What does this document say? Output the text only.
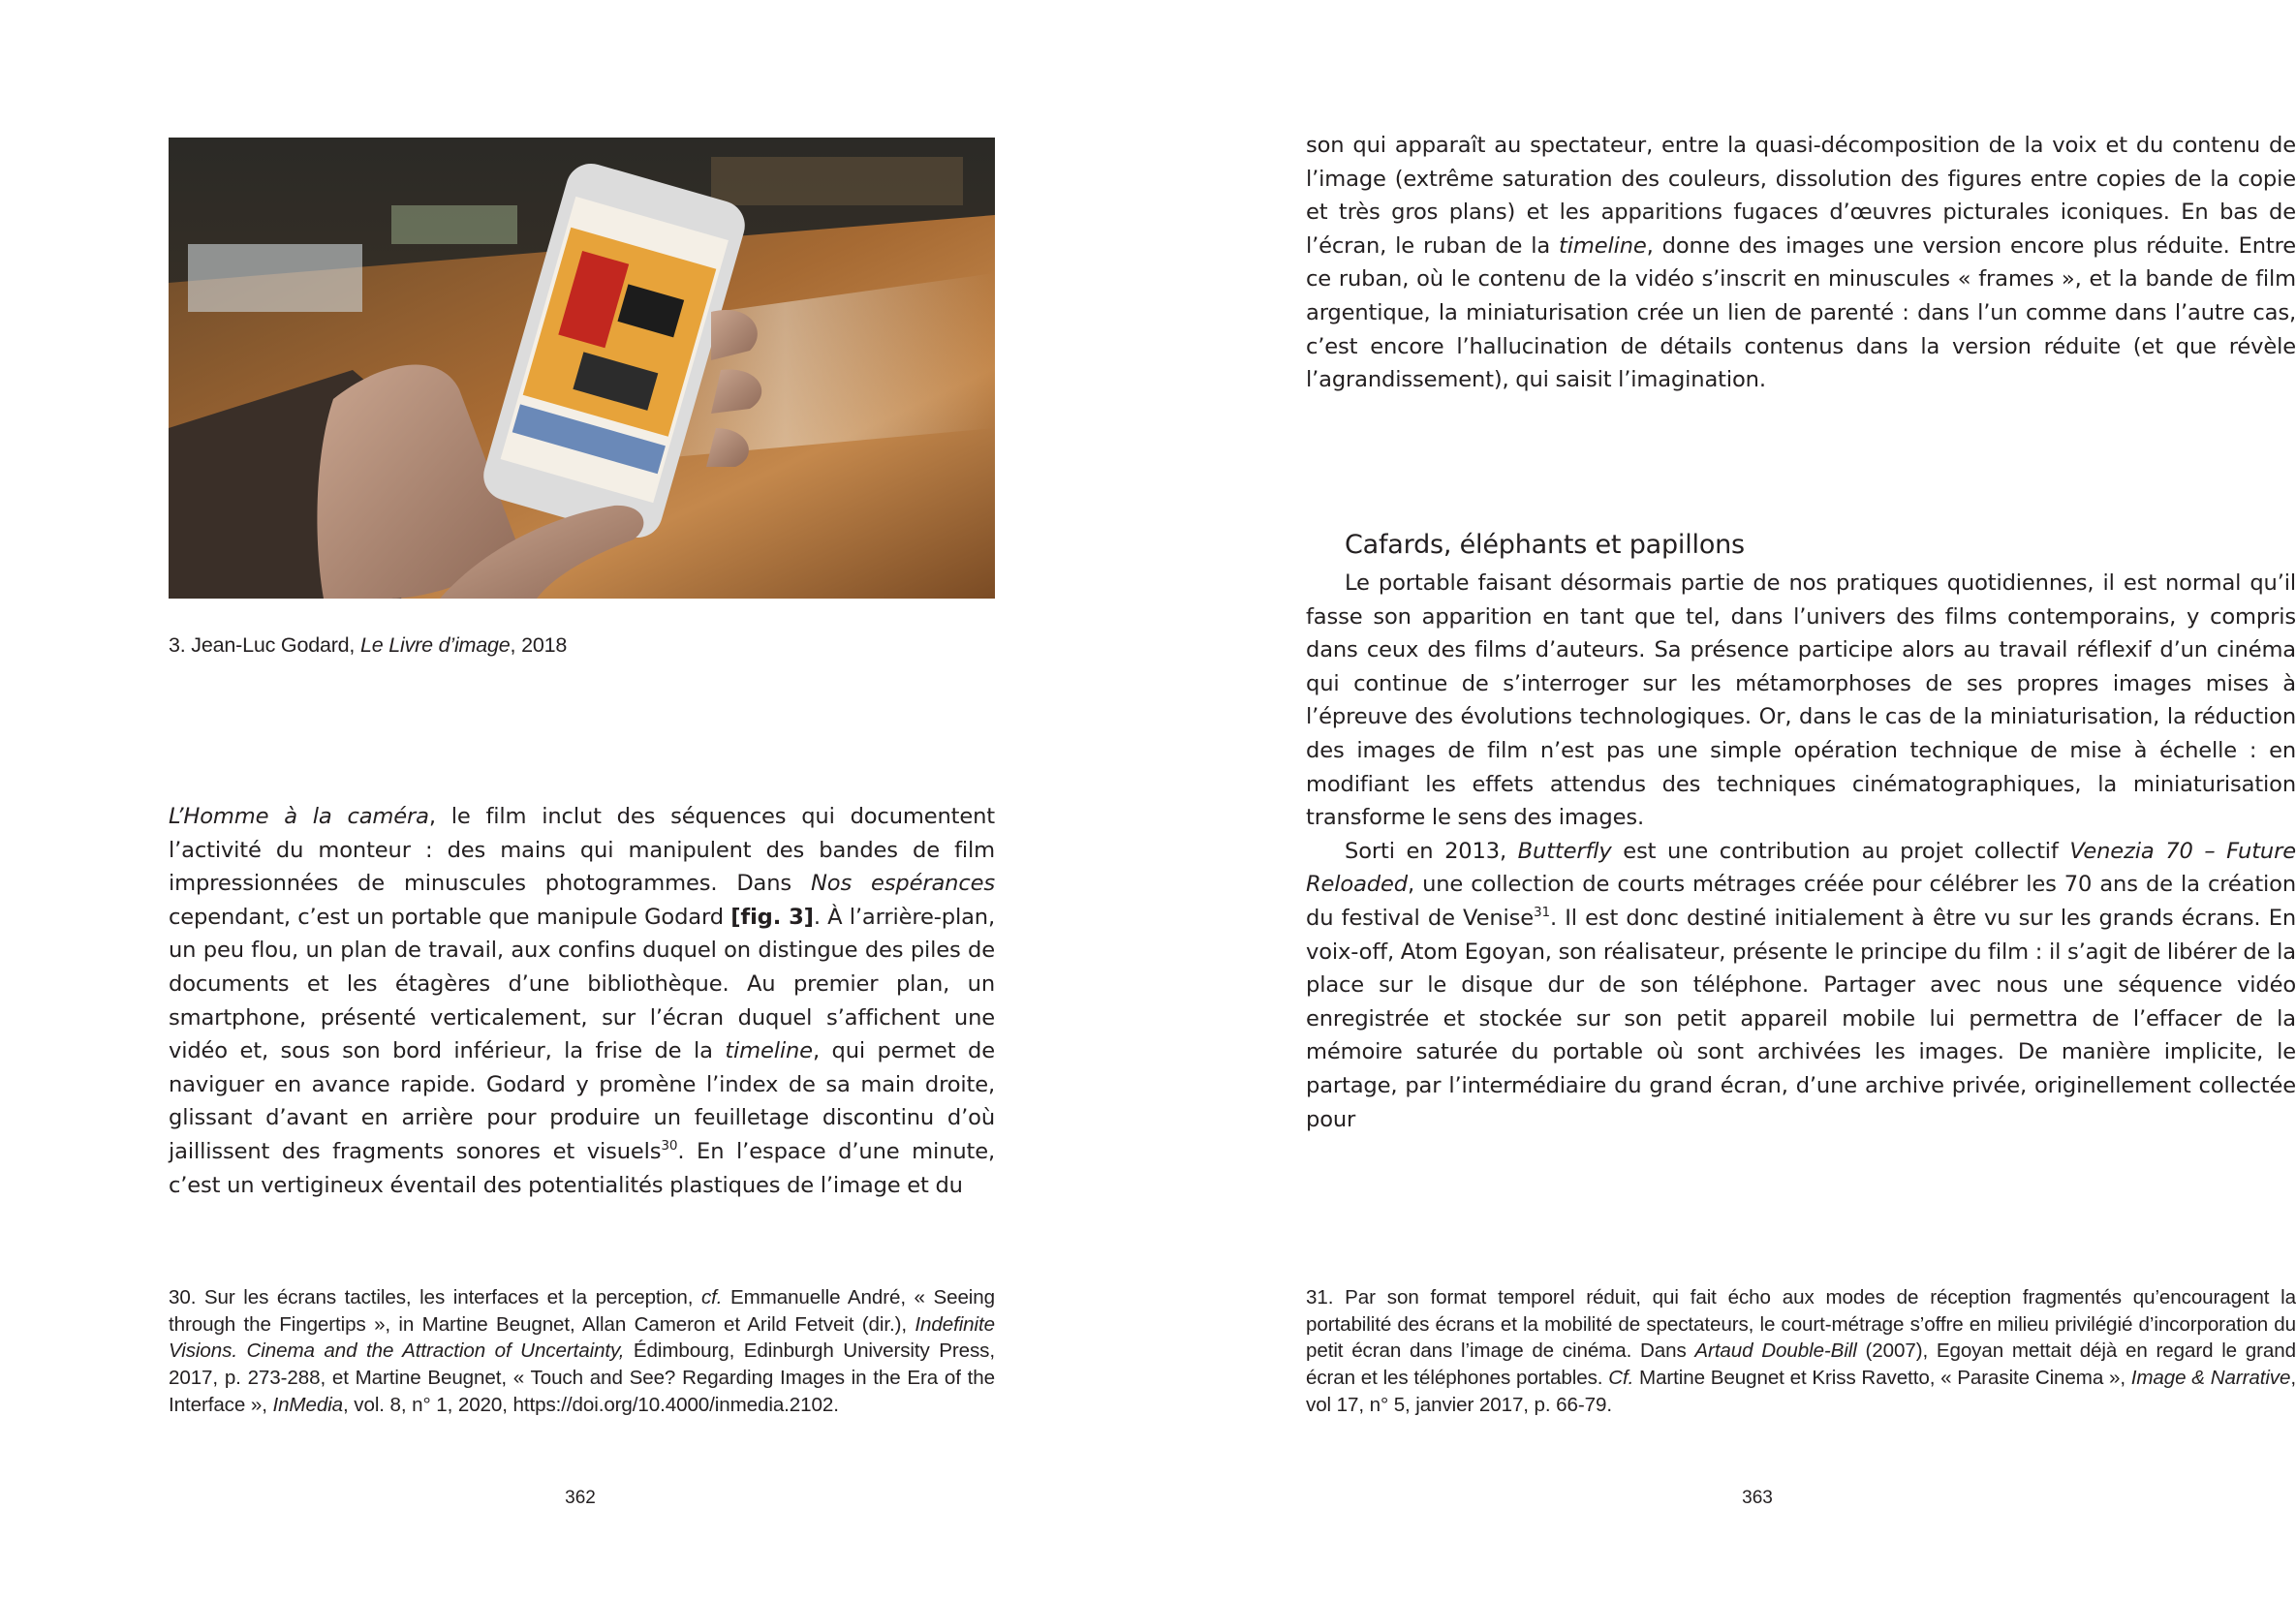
3. Jean-Luc Godard, Le Livre d’image, 2018

L’Homme à la caméra, le film inclut des séquences qui documentent l’activité du monteur : des mains qui manipulent des bandes de film impressionnées de minuscules photogrammes. Dans Nos espérances cependant, c’est un portable que manipule Godard [fig. 3]. À l’arrière-plan, un peu flou, un plan de travail, aux confins duquel on distingue des piles de documents et les étagères d’une bibliothèque. Au premier plan, un smartphone, présenté verticalement, sur l’écran duquel s’affichent une vidéo et, sous son bord inférieur, la frise de la timeline, qui permet de naviguer en avance rapide. Godard y promène l’index de sa main droite, glissant d’avant en arrière pour produire un feuilletage discontinu d’où jaillissent des fragments sonores et visuels$^{30}$. En l’espace d’une minute, c’est un vertigineux éventail des potentialités plastiques de l’image et du

30. Sur les écrans tactiles, les interfaces et la perception, cf. Emmanuelle André, « Seeing through the Fingertips », in Martine Beugnet, Allan Cameron et Arild Fetveit (dir.), Indefinite Visions. Cinema and the Attraction of Uncertainty, Édimbourg, Edinburgh University Press, 2017, p. 273-288, et Martine Beugnet, « Touch and See? Regarding Images in the Era of the Interface », InMedia, vol. 8, n° 1, 2020, https://doi.org/10.4000/inmedia.2102.
362

son qui apparaît au spectateur, entre la quasi-décomposition de la voix et du contenu de l’image (extrême saturation des couleurs, dissolution des figures entre copies de la copie et très gros plans) et les apparitions fugaces d’œuvres picturales iconiques. En bas de l’écran, le ruban de la timeline, donne des images une version encore plus réduite. Entre ce ruban, où le contenu de la vidéo s’inscrit en minuscules « frames », et la bande de film argentique, la miniaturisation crée un lien de parenté : dans l’un comme dans l’autre cas, c’est encore l’hallucination de détails contenus dans la version réduite (et que révèle l’agrandissement), qui saisit l’imagination.

Cafards, éléphants et papillons

Le portable faisant désormais partie de nos pratiques quotidiennes, il est normal qu’il fasse son apparition en tant que tel, dans l’univers des films contemporains, y compris dans ceux des films d’auteurs. Sa présence participe alors au travail réflexif d’un cinéma qui continue de s’interroger sur les métamorphoses de ses propres images mises à l’épreuve des évolutions technologiques. Or, dans le cas de la miniaturisation, la réduction des images de film n’est pas une simple opération technique de mise à échelle : en modifiant les effets attendus des techniques cinématographiques, la miniaturisation transforme le sens des images.

Sorti en 2013, Butterfly est une contribution au projet collectif Venezia 70 – Future Reloaded, une collection de courts métrages créée pour célébrer les 70 ans de la création du festival de Venise$^{31}$. Il est donc destiné initialement à être vu sur les grands écrans. En voix-off, Atom Egoyan, son réalisateur, présente le principe du film : il s’agit de libérer de la place sur le disque dur de son téléphone. Partager avec nous une séquence vidéo enregistrée et stockée sur son petit appareil mobile lui permettra de l’effacer de la mémoire saturée du portable où sont archivées les images. De manière implicite, le partage, par l’intermédiaire du grand écran, d’une archive privée, originellement collectée pour

31. Par son format temporel réduit, qui fait écho aux modes de réception fragmentés qu’encouragent la portabilité des écrans et la mobilité de spectateurs, le court-métrage s’offre en milieu privilégié d’incorporation du petit écran dans l’image de cinéma. Dans Artaud Double-Bill (2007), Egoyan mettait déjà en regard le grand écran et les téléphones portables. Cf. Martine Beugnet et Kriss Ravetto, « Parasite Cinema », Image & Narrative, vol 17, n° 5, janvier 2017, p. 66-79.
363
